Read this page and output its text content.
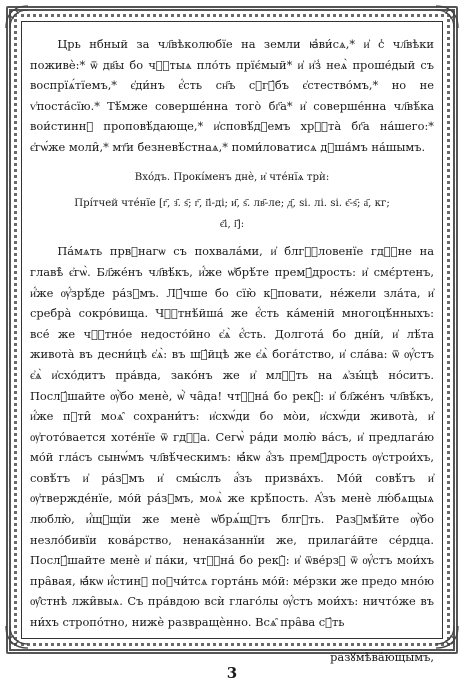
Црь нбный за чл҃вѣколюбїе на земли ꙗ҆ви́сѧ,* и҆ с̾ чл҃вѣки поживѐ:* ѿ дв҃ы бо чⷭ҇тыѧ пло́ть прїє́мый* и҆ и҆з̾ неѧ̀ проше́дый съ воспрїѧ́тїемъ,* є҆ди́нъ є҆́сть сн҃ъ сꙋгꙋ́бъ є҆стество́мъ,* но не ѵ҆поста́сїю.* Тѣ́мже соверше́нна того̀ бг҃а* и҆ соверше́нна чл҃вѣ́ка вои́стиннꙋ проповѣ́дающе,* и҆сповѣ́дꙋемъ хрⷭ҇та̀ бг҃а на́шего:* є҆гѡ́же моли̑,* мт҃и безневѣ́стнаѧ,* поми́ловатисѧ дꙋша́мъ на́шымъ.

Вхо́дъ. Прокі́менъ днѐ, и҆ чте́нїѧ трѝ:

Прі́тчей чте́нїе [г҃, з҃. ѕ҃; г҃, і҃і-ді; и҃, ѕ҃. лв҃-ле; д҃, ѕі. лі. ѕі. є҃-ѕ҃; а҃, кг;

є҃і, і҃]:

Па́мѧть првⷣнагѡ съ похвала́ми, и҆ блгⷭ҇ловенїе гдⷭ҇не на главѣ̀ є҆гѡ̀. Бл҃же́нъ чл҃вѣ́къ, и҆́же ѡ҆брѣ́те премꙋ́дрость: и҆ смє́ртенъ, и҆́же ѹ҆́зрѣ́де ра́зꙋмъ. Лꙋ́чше бо сїю̀ кꙋповати, не́жели зла́та, и҆ сребра̀ сокро́вища. Чⷭ҇тнѣ́йша́ же є҆́сть ка́меній многоцѣ́нныхъ: все́ же чⷭ҇тно́е недосто́йно є҆ѧ̀ є҆́сть. Долгота́ бо дні́й, и҆ лѣ́та живота̀ въ десни́цѣ є҆ѧ̀: въ шꙋ́йцѣ же є҆ѧ̀ бога́тство, и҆ сла́ва: ѿ ѹ҆́стъ є҆ѧ̀ и҆схо́дитъ пра́вда, зако́нъ же и҆ млⷭ҇ть на ѧ҆зы́цѣ но́ситъ. Послꙋ́шайте ѹ҆̀бо менѐ, ѡ҆̀ ча̑да! чтⷭ҇на́ бо рекꙋ̀: и҆ бл҃же́нъ чл҃вѣ́къ, и҆́же пꙋти̑ моѧ̑ сохрани́тъ: и҆схѡ́ди бо мо̀и, и҆схѡ́ди живота̀, и҆ ѹ҆гото́вается хоте́нїе ѿ гдⷭ҇а. Сегѡ̀ ра́ди молю̀ ва́съ, и҆ предлага́ю мо́й гла́съ сынѡ́мъ чл҃вѣ́ческимъ: ꙗ҆́кѡ а҆́зъ премꙋ́дрость ѹ҆строи́хъ, совѣ́тъ и҆ ра́зꙋмъ и҆ смы́слъ а҆́зъ призва́хъ. Мо́й совѣ́тъ и҆ ѹ҆твержде́нїе, мо́й ра́зꙋмъ, моѧ̀ же крѣ́пость. А҆́зъ менѐ лю́бѧщыѧ люблю̀, и҆́щꙋщїи же менѐ ѡ҆брѧ́щꙋтъ блгⷣть. Разꙋмѣ́йте ѹ҆̀бо незло́бивїи кова́рство, ненака́заннїи же, прилага́йте се́рдца. Послꙋ́шайте менѐ и҆ па́ки, чтⷭ҇на́ бо рекꙋ̀: и҆ ѿве́рзꙋ ѿ ѹ҆́стъ мои́хъ пра̑вая, ꙗ҆́кѡ и҆́стинꙋ поꙋчи́тсѧ горта́нь мо́й: ме́рзки же предо мно́ю ѹ҆̑стнѣ лжи̑выѧ. Съ пра́вдою всѝ глаго́лы ѹ҆́стъ мои́хъ: ничто́же въ ни́хъ стропо́тно, нижѐ развращѐнно. Всѧ̑ пра̑ва сꙋ́ть

разꙋмѣва́ющымъ,

3
